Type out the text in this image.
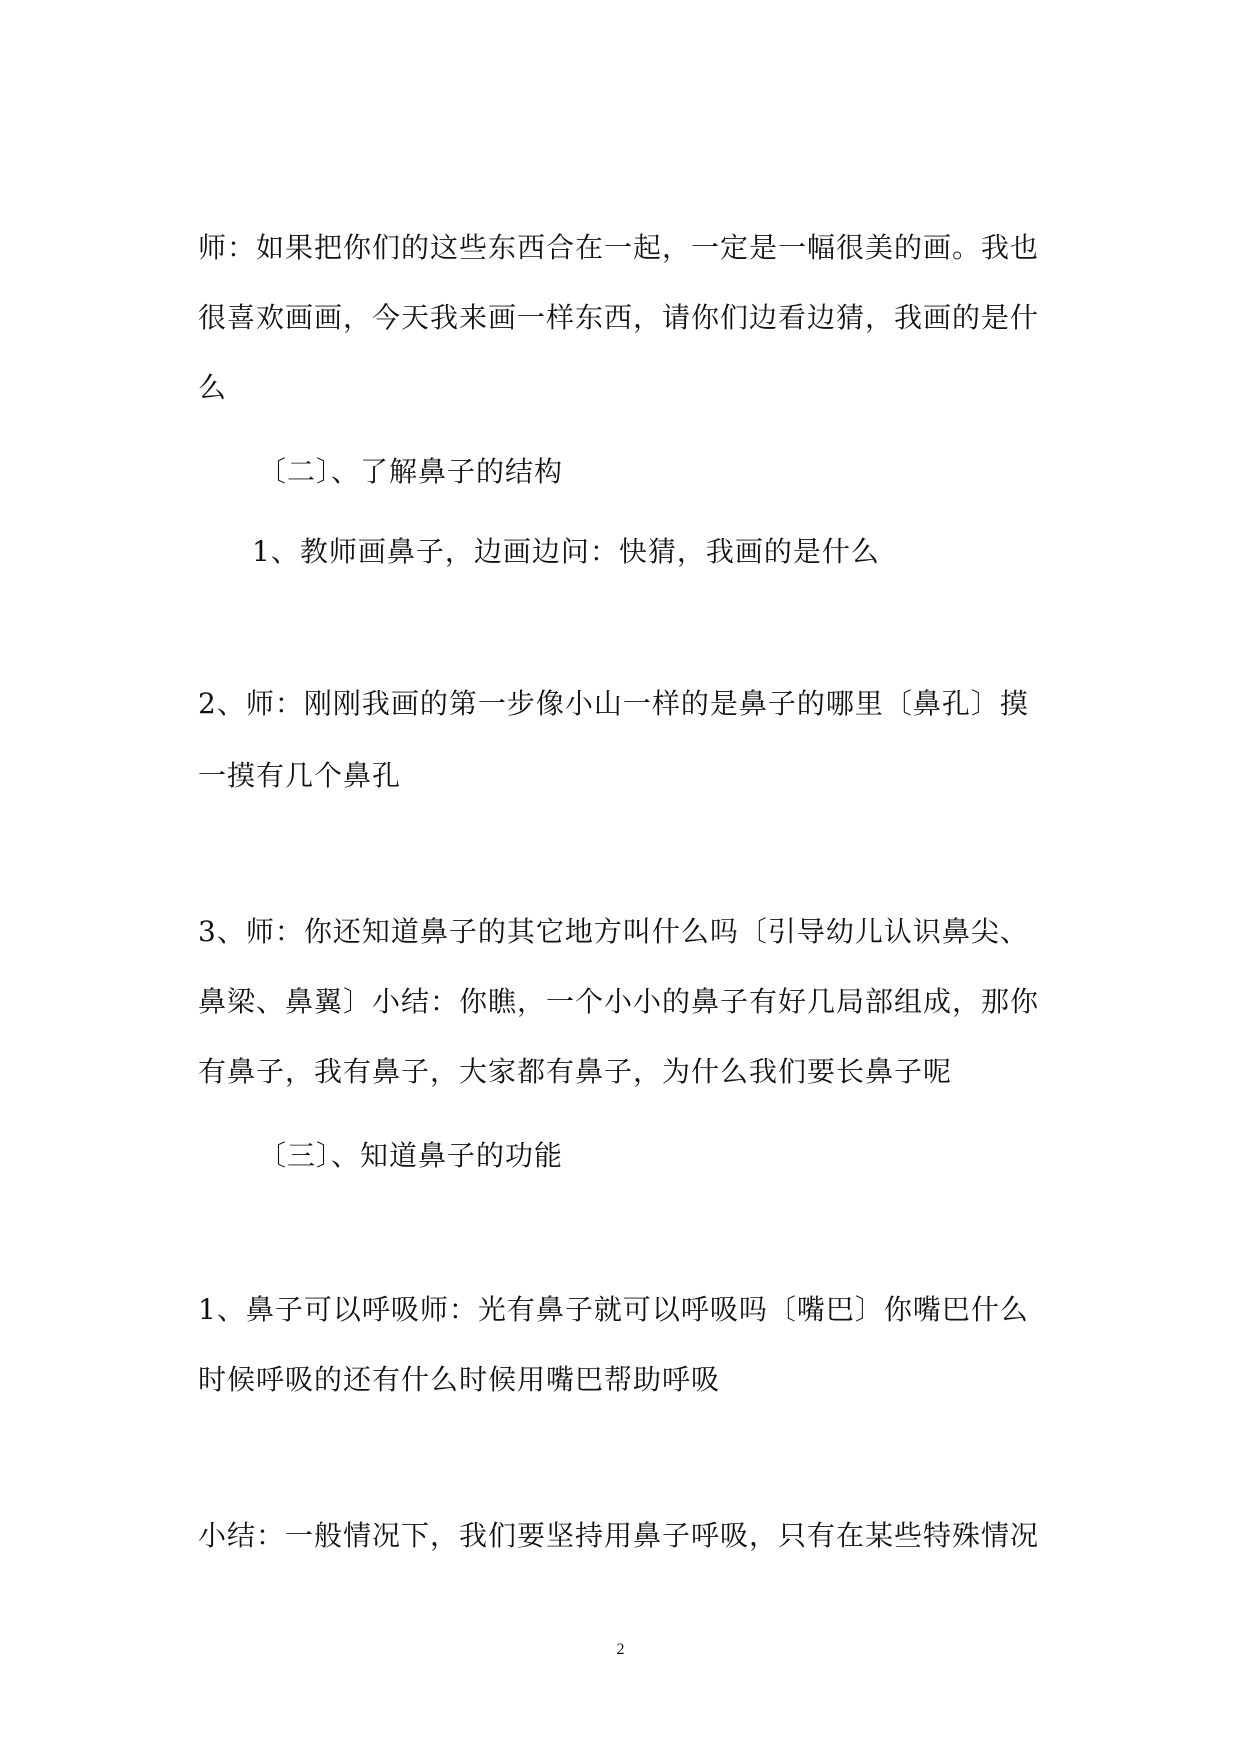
师：如果把你们的这些东西合在一起，一定是一幅很美的画。我也
很喜欢画画，今天我来画一样东西，请你们边看边猜，我画的是什
么
〔二〕、了解鼻子的结构
1、教师画鼻子，边画边问：快猜，我画的是什么
2、师：刚刚我画的第一步像小山一样的是鼻子的哪里〔鼻孔〕摸
一摸有几个鼻孔
3、师：你还知道鼻子的其它地方叫什么吗〔引导幼儿认识鼻尖、
鼻梁、鼻翼〕小结：你瞧，一个小小的鼻子有好几局部组成，那你
有鼻子，我有鼻子，大家都有鼻子，为什么我们要长鼻子呢
〔三〕、知道鼻子的功能
1、鼻子可以呼吸师：光有鼻子就可以呼吸吗〔嘴巴〕你嘴巴什么
时候呼吸的还有什么时候用嘴巴帮助呼吸
小结：一般情况下，我们要坚持用鼻子呼吸，只有在某些特殊情况
2
